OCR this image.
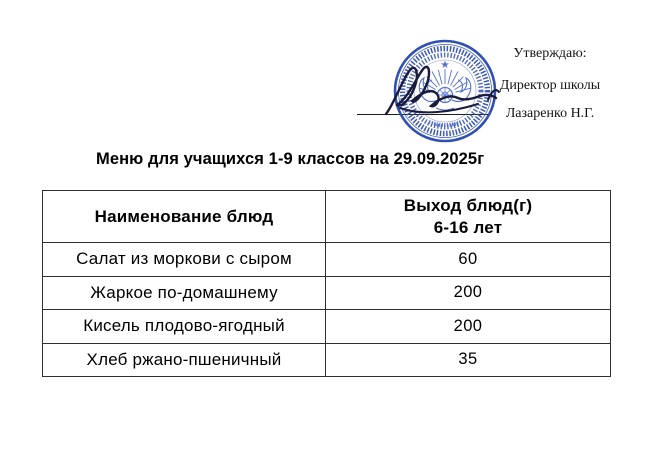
Утверждаю:
Директор школы
Лазаренко Н.Г.
Меню для учащихся 1-9 классов на 29.09.2025г
Наименование блюд	Выход блюд(г)
6-16 лет

Салат из моркови с сыром	60
Жаркое по-домашнему	200
Кисель плодово-ягодный	200
Хлеб ржано-пшеничный	35
